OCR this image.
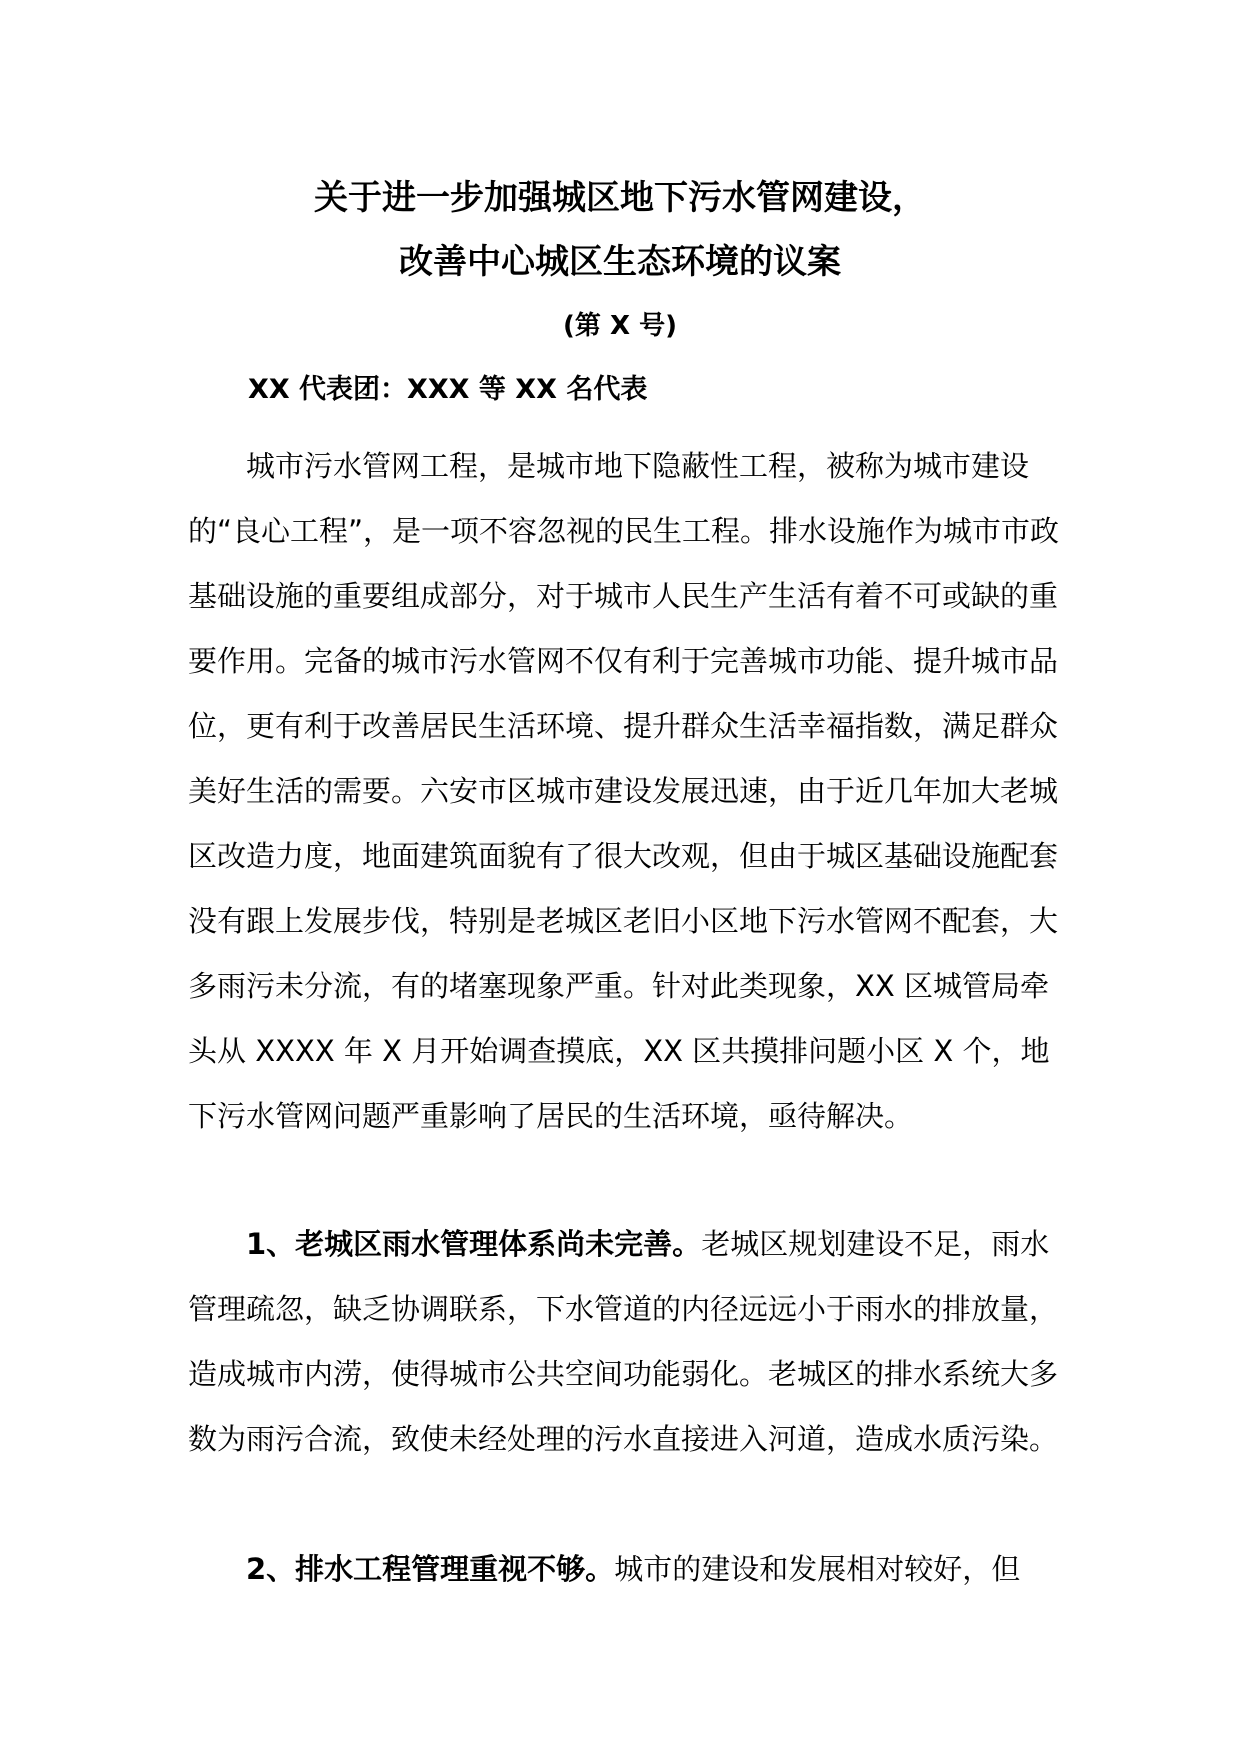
关于进一步加强城区地下污水管网建设，
改善中心城区生态环境的议案
(第 X 号)
XX 代表团：XXX 等 XX 名代表

城市污水管网工程，是城市地下隐蔽性工程，被称为城市建设的“良心工程”，是一项不容忽视的民生工程。排水设施作为城市市政基础设施的重要组成部分，对于城市人民生产生活有着不可或缺的重要作用。完备的城市污水管网不仅有利于完善城市功能、提升城市品位，更有利于改善居民生活环境、提升群众生活幸福指数，满足群众美好生活的需要。六安市区城市建设发展迅速，由于近几年加大老城区改造力度，地面建筑面貌有了很大改观，但由于城区基础设施配套没有跟上发展步伐，特别是老城区老旧小区地下污水管网不配套，大多雨污未分流，有的堵塞现象严重。针对此类现象，XX 区城管局牵头从 XXXX 年 X 月开始调查摸底，XX 区共摸排问题小区 X 个，地下污水管网问题严重影响了居民的生活环境，亟待解决。

1、老城区雨水管理体系尚未完善。老城区规划建设不足，雨水管理疏忽，缺乏协调联系，下水管道的内径远远小于雨水的排放量，造成城市内涝，使得城市公共空间功能弱化。老城区的排水系统大多数为雨污合流，致使未经处理的污水直接进入河道，造成水质污染。

2、排水工程管理重视不够。城市的建设和发展相对较好，但
